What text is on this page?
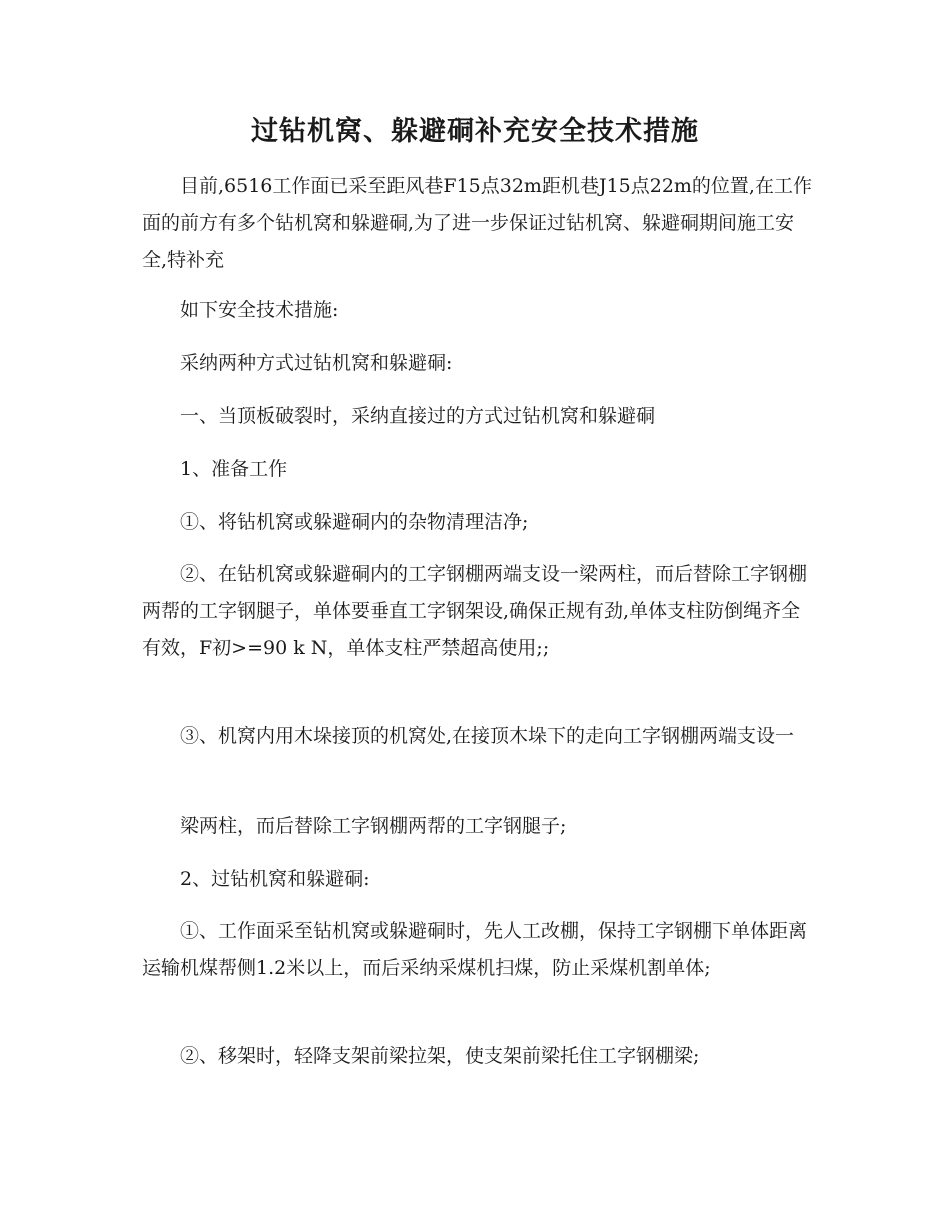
过钻机窝、躲避硐补充安全技术措施
　　目前,6516工作面已采至距风巷F15点32m距机巷J15点22m的位置,在工作面的前方有多个钻机窝和躲避硐,为了进一步保证过钻机窝、躲避硐期间施工安全,特补充
　　如下安全技术措施:
　　采纳两种方式过钻机窝和躲避硐:
　　一、当顶板破裂时，采纳直接过的方式过钻机窝和躲避硐
　　1、准备工作
　　①、将钻机窝或躲避硐内的杂物清理洁净;
　　②、在钻机窝或躲避硐内的工字钢棚两端支设一梁两柱，而后替除工字钢棚两帮的工字钢腿子，单体要垂直工字钢架设,确保正规有劲,单体支柱防倒绳齐全有效，F初>=90 k N，单体支柱严禁超高使用;;
　　③、机窝内用木垛接顶的机窝处,在接顶木垛下的走向工字钢棚两端支设一
　　梁两柱，而后替除工字钢棚两帮的工字钢腿子;
　　2、过钻机窝和躲避硐:
　　①、工作面采至钻机窝或躲避硐时，先人工改棚，保持工字钢棚下单体距离运输机煤帮侧1.2米以上，而后采纳采煤机扫煤，防止采煤机割单体;
　　②、移架时，轻降支架前梁拉架，使支架前梁托住工字钢棚梁;
